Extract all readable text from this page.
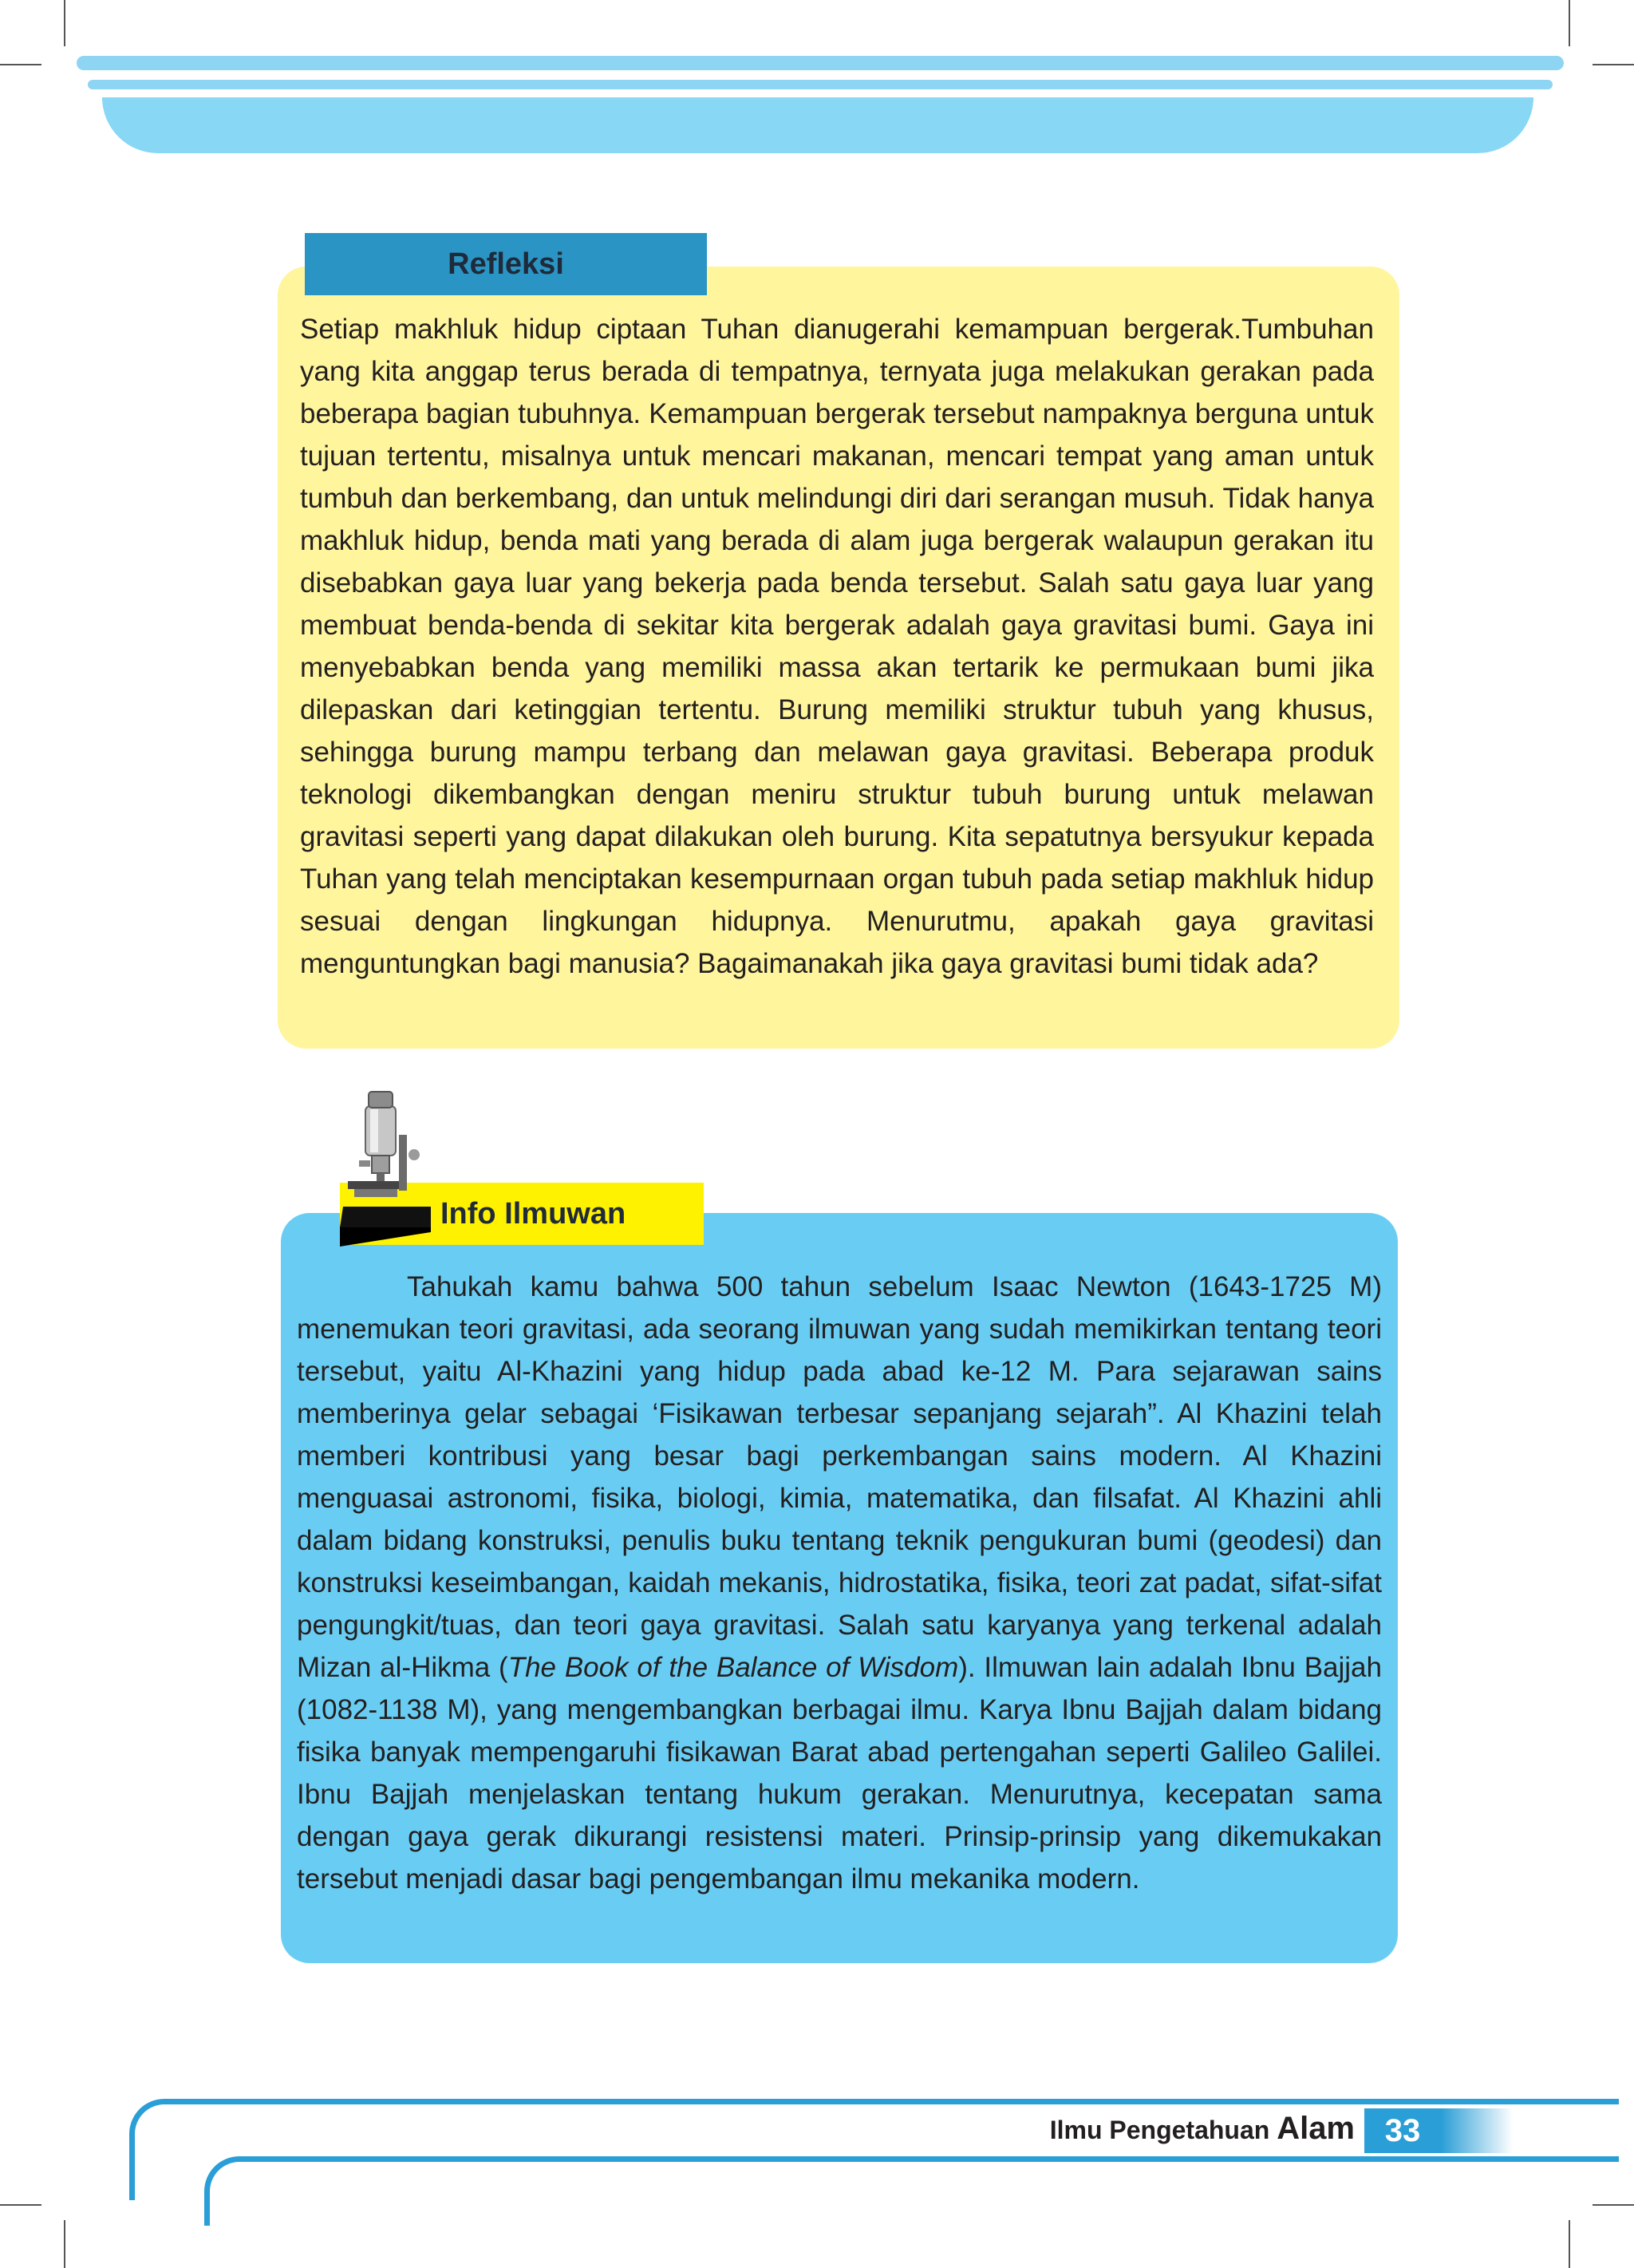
Refleksi
Setiap makhluk hidup ciptaan Tuhan dianugerahi kemampuan bergerak.Tumbuhan yang kita anggap terus berada di tempatnya, ternyata juga melakukan gerakan pada beberapa bagian tubuhnya. Kemampuan bergerak tersebut nampaknya berguna untuk tujuan tertentu, misalnya untuk mencari makanan, mencari tempat yang aman untuk tumbuh dan berkembang, dan untuk melindungi diri dari serangan musuh. Tidak hanya makhluk hidup, benda mati yang berada di alam juga bergerak walaupun gerakan itu disebabkan gaya luar yang bekerja pada benda tersebut. Salah satu gaya luar yang membuat benda-benda di sekitar kita bergerak adalah gaya gravitasi bumi. Gaya ini menyebabkan benda yang memiliki massa akan tertarik ke permukaan bumi jika dilepaskan dari ketinggian tertentu. Burung memiliki struktur tubuh yang khusus, sehingga burung mampu terbang dan melawan gaya gravitasi. Beberapa produk teknologi dikembangkan dengan meniru struktur tubuh burung untuk melawan gravitasi seperti yang dapat dilakukan oleh burung. Kita sepatutnya bersyukur kepada Tuhan yang telah menciptakan kesempurnaan organ tubuh pada setiap makhluk hidup sesuai dengan lingkungan hidupnya. Menurutmu, apakah gaya gravitasi menguntungkan bagi manusia? Bagaimanakah jika gaya gravitasi bumi tidak ada?
Info Ilmuwan
Tahukah kamu bahwa 500 tahun sebelum Isaac Newton (1643-1725 M) menemukan teori gravitasi, ada seorang ilmuwan yang sudah memikirkan tentang teori tersebut, yaitu Al-Khazini yang hidup pada abad ke-12 M. Para sejarawan sains memberinya gelar sebagai ‘Fisikawan terbesar sepanjang sejarah”. Al Khazini telah memberi kontribusi yang besar bagi perkembangan sains modern. Al Khazini menguasai astronomi, fisika, biologi, kimia, matematika, dan filsafat. Al Khazini ahli dalam bidang konstruksi, penulis buku tentang teknik pengukuran bumi (geodesi) dan konstruksi keseimbangan, kaidah mekanis, hidrostatika, fisika, teori zat padat, sifat-sifat pengungkit/tuas, dan teori gaya gravitasi. Salah satu karyanya yang terkenal adalah Mizan al-Hikma (The Book of the Balance of Wisdom). Ilmuwan lain adalah Ibnu Bajjah (1082-1138 M), yang mengembangkan berbagai ilmu. Karya Ibnu Bajjah dalam bidang fisika banyak mempengaruhi fisikawan Barat abad pertengahan seperti Galileo Galilei. Ibnu Bajjah menjelaskan tentang hukum gerakan. Menurutnya, kecepatan sama dengan gaya gerak dikurangi resistensi materi. Prinsip-prinsip yang dikemukakan tersebut menjadi dasar bagi pengembangan ilmu mekanika modern.
Ilmu Pengetahuan Alam 33
